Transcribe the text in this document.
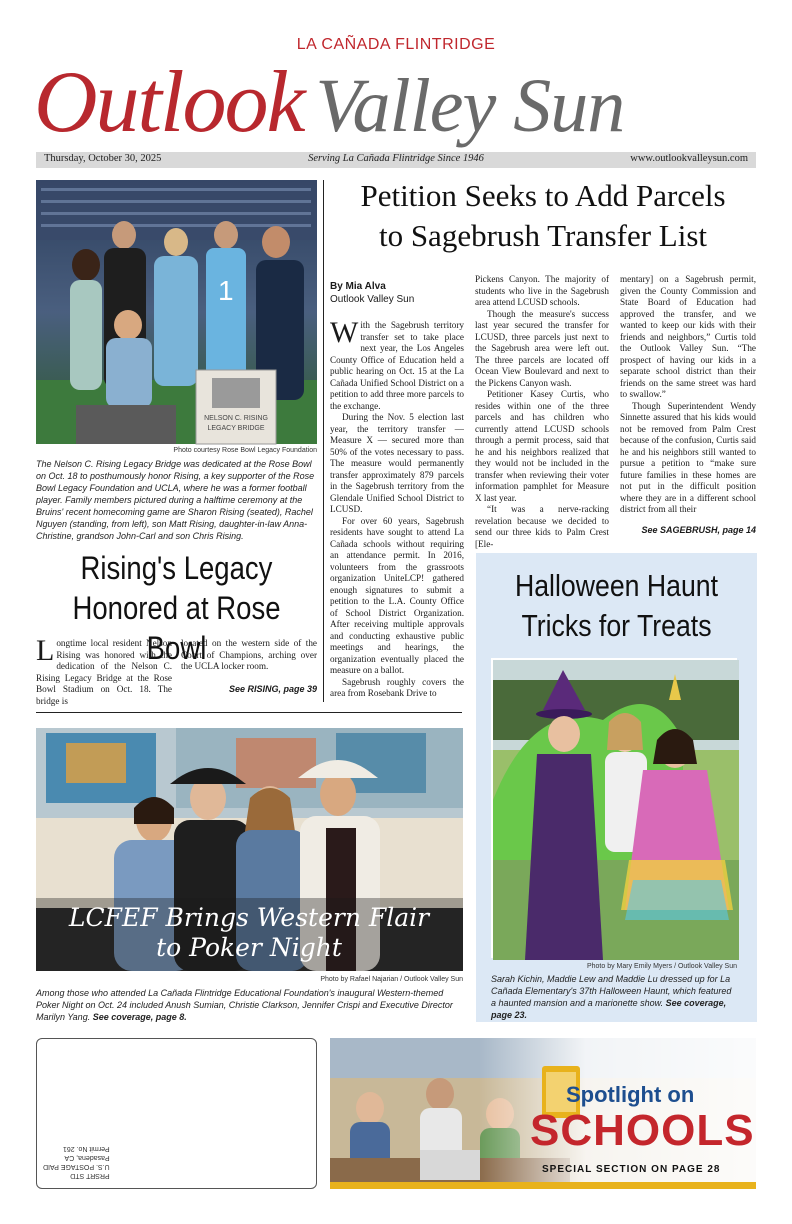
LA CAÑADA FLINTRIDGE
Outlook Valley Sun
Serving La Cañada Flintridge Since 1946
Thursday, October 30, 2025	www.outlookvalleysun.com
1
NELSON C. RISING
LEGACY BRIDGE
Photo courtesy Rose Bowl Legacy Foundation
The Nelson C. Rising Legacy Bridge was dedicated at the Rose Bowl on Oct. 18 to posthumously honor Rising, a key supporter of the Rose Bowl Legacy Foundation and UCLA, where he was a former football player. Family members pictured during a halftime ceremony at the Bruins' recent homecoming game are Sharon Rising (seated), Rachel Nguyen (standing, from left), son Matt Rising, daughter-in-law Anna-Christine, grandson John-Carl and son Chris Rising.
Rising's Legacy
Honored at Rose Bowl

Longtime local resident Nelson Rising was honored with the dedication of the Nelson C. Rising Legacy Bridge at the Rose Bowl Stadium on Oct. 18. The bridge is

located on the western side of the Court of Champions, arching over the UCLA locker room.

See RISING, page 39
Petition Seeks to Add Parcels
to Sagebrush Transfer List
By Mia Alva
Outlook Valley Sun

With the Sagebrush territory transfer set to take place next year, the Los Angeles County Office of Education held a public hearing on Oct. 15 at the La Cañada Unified School District on a petition to add three more parcels to the exchange.

During the Nov. 5 election last year, the territory transfer — Measure X — secured more than 50% of the votes necessary to pass. The measure would permanently transfer approximately 879 parcels in the Sagebrush territory from the Glendale Unified School District to LCUSD.

For over 60 years, Sagebrush residents have sought to attend La Cañada schools without requiring an attendance permit. In 2016, volunteers from the grassroots organization UniteLCP! gathered enough signatures to submit a petition to the L.A. County Office of School District Organization. After receiving multiple approvals and conducting exhaustive public meetings and hearings, the organization eventually placed the measure on a ballot.

Sagebrush roughly covers the area from Rosebank Drive to

Pickens Canyon. The majority of students who live in the Sagebrush area attend LCUSD schools.

Though the measure's success last year secured the transfer for LCUSD, three parcels just next to the Sagebrush area were left out. The three parcels are located off Ocean View Boulevard and next to the Pickens Canyon wash.

Petitioner Kasey Curtis, who resides within one of the three parcels and has children who currently attend LCUSD schools through a permit process, said that he and his neighbors realized that they would not be included in the transfer when reviewing their voter information pamphlet for Measure X last year.

“It was a nerve-racking revelation because we decided to send our three kids to Palm Crest [Ele-

mentary] on a Sagebrush permit, given the County Commission and State Board of Education had approved the transfer, and we wanted to keep our kids with their friends and neighbors,” Curtis told the Outlook Valley Sun. “The prospect of having our kids in a separate school district than their friends on the same street was hard to swallow.”

Though Superintendent Wendy Sinnette assured that his kids would not be removed from Palm Crest because of the confusion, Curtis said he and his neighbors still wanted to pursue a petition to “make sure future families in these homes are not put in the difficult position where they are in a different school district from all their

See SAGEBRUSH, page 14
LCFEF Brings Western Flair
to Poker Night
Photo by Rafael Najarian / Outlook Valley Sun
Among those who attended La Cañada Flintridge Educational Foundation's inaugural Western-themed Poker Night on Oct. 24 included Anush Sumian, Christie Clarkson, Jennifer Crispi and Executive Director Marilyn Yang. See coverage, page 8.
Halloween Haunt
Tricks for Treats
Photo by Mary Emily Myers / Outlook Valley Sun
Sarah Kichin, Maddie Lew and Maddie Lu dressed up for La Cañada Elementary's 37th Halloween Haunt, which featured a haunted mansion and a marionette show. See coverage, page 23.
PRSRT STD
U.S. POSTAGE PAID
Pasadena, CA
Permit No. 261
Spotlight on
SCHOOLS
SPECIAL SECTION ON PAGE 28
